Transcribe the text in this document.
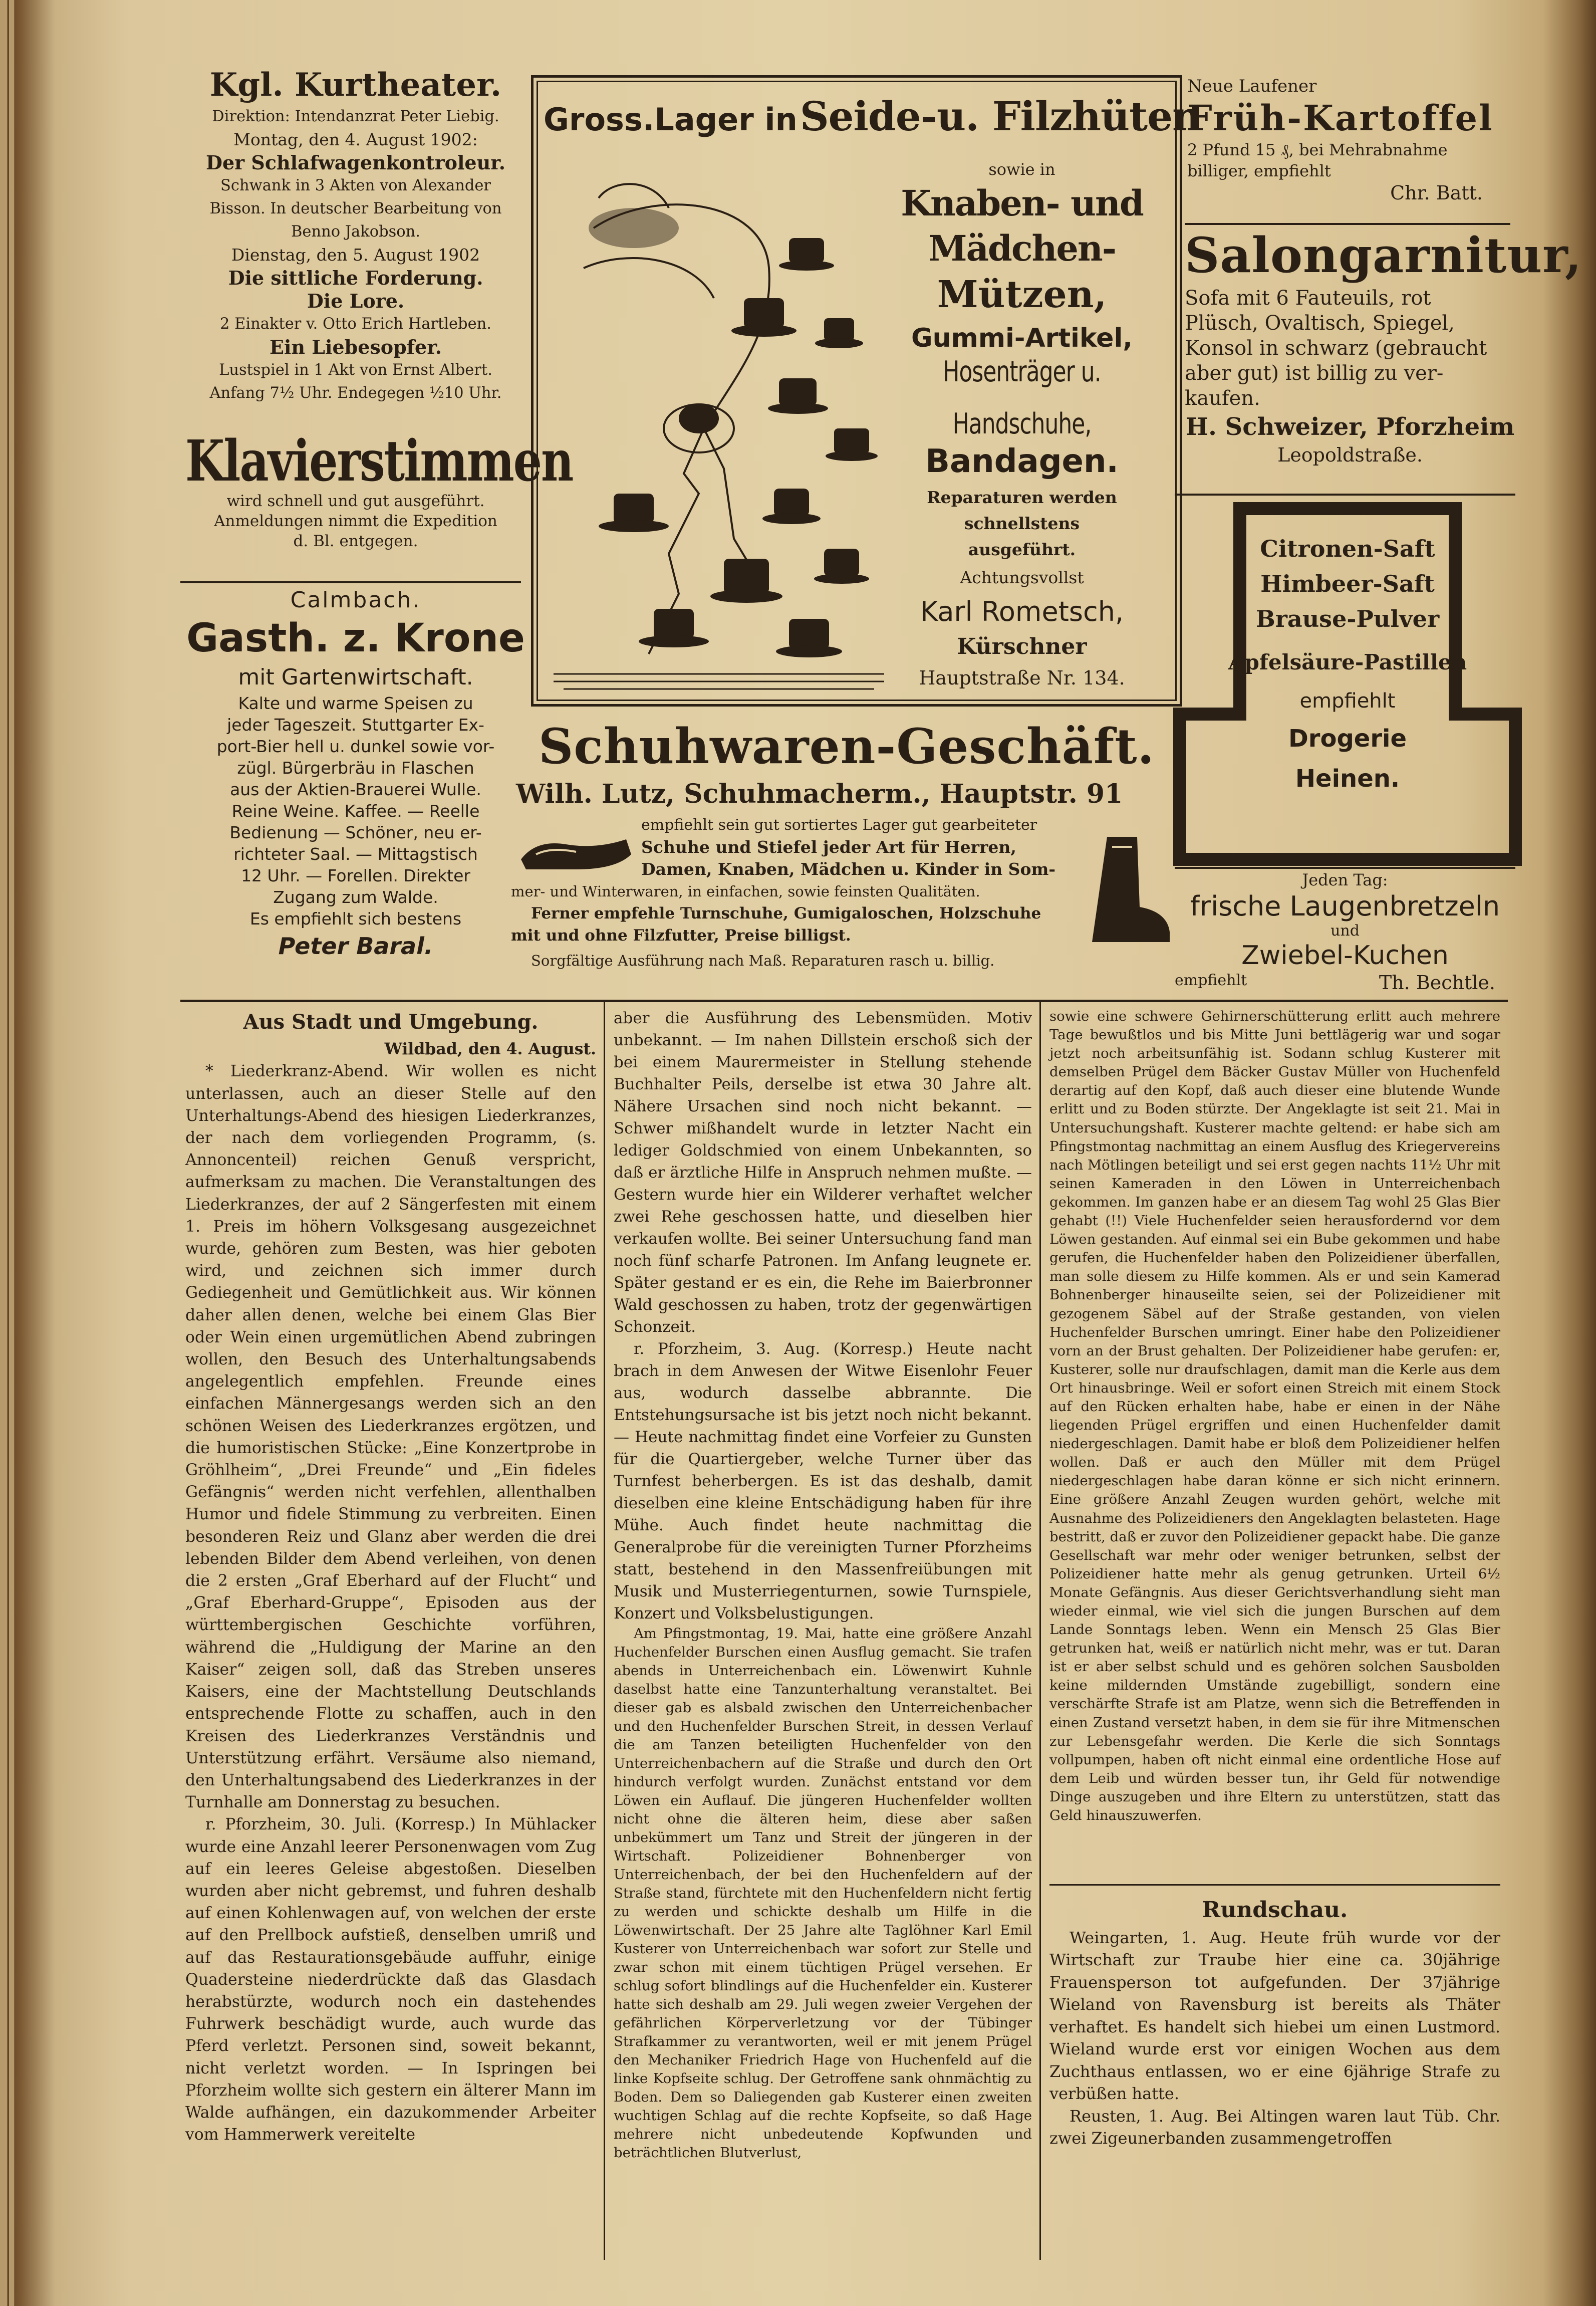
Kgl. Kurtheater.
Direktion: Intendanzrat Peter Liebig.
Montag, den 4. August 1902:
Der Schlafwagenkontroleur.
Schwank in 3 Akten von Alexander
Bisson. In deutscher Bearbeitung von
Benno Jakobson.
Dienstag, den 5. August 1902
Die sittliche Forderung.
Die Lore.
2 Einakter v. Otto Erich Hartleben.
Ein Liebesopfer.
Lustspiel in 1 Akt von Ernst Albert.
Anfang 7½ Uhr. Endegegen ½10 Uhr.
Klavierstimmen
wird schnell und gut ausgeführt.
Anmeldungen nimmt die Expedition
d. Bl. entgegen.
Calmbach.
Gasth. z. Krone
mit Gartenwirtschaft.
Kalte und warme Speisen zu
jeder Tageszeit. Stuttgarter Ex-
port-Bier hell u. dunkel sowie vor-
zügl. Bürgerbräu in Flaschen
aus der Aktien-Brauerei Wulle.
Reine Weine. Kaffee. — Reelle
Bedienung — Schöner, neu er-
richteter Saal. — Mittagstisch
12 Uhr. — Forellen. Direkter
Zugang zum Walde.
Es empfiehlt sich bestens
Peter Baral.
Gross.Lager in Seide-u. Filzhüten
sowie in
Knaben- und Mädchen-
Mützen,
Gummi-Artikel,
Hosenträger u. Handschuhe,
Bandagen.
Reparaturen werden schnellstens
ausgeführt.
Achtungsvollst
Karl Rometsch,
Kürschner
Hauptstraße Nr. 134.
Schuhwaren-Geschäft.
Wilh. Lutz, Schuhmacherm., Hauptstr. 91
empfiehlt sein gut sortiertes Lager gut gearbeiteter
Schuhe und Stiefel jeder Art für Herren,
Damen, Knaben, Mädchen u. Kinder in Som-
mer- und Winterwaren, in einfachen, sowie feinsten Qualitäten.
Ferner empfehle Turnschuhe, Gumigaloschen, Holzschuhe
mit und ohne Filzfutter, Preise billigst.
Sorgfältige Ausführung nach Maß. Reparaturen rasch u. billig.
Neue Laufener
Früh-Kartoffel
2 Pfund 15 ₰, bei Mehrabnahme
billiger, empfiehlt
Chr. Batt.
Salongarnitur,
Sofa mit 6 Fauteuils, rot
Plüsch, Ovaltisch, Spiegel,
Konsol in schwarz (gebraucht
aber gut) ist billig zu ver-
kaufen.
H. Schweizer, Pforzheim
Leopoldstraße.
Citronen-Saft
Himbeer-Saft
Brause-Pulver
Apfelsäure-Pastillen
empfiehlt
Drogerie
Heinen.
Jeden Tag:
frische Laugenbretzeln
und
Zwiebel-Kuchen
empfiehlt	Th. Bechtle.

Aus Stadt und Umgebung.

Wildbad, den 4. August.

* Liederkranz-Abend. Wir wollen es nicht unterlassen, auch an dieser Stelle auf den Unterhaltungs-Abend des hiesigen Liederkranzes, der nach dem vorliegenden Programm, (s. Annoncenteil) reichen Genuß verspricht, aufmerksam zu machen. Die Veranstaltungen des Liederkranzes, der auf 2 Sängerfesten mit einem 1. Preis im höhern Volksgesang ausgezeichnet wurde, gehören zum Besten, was hier geboten wird, und zeichnen sich immer durch Gediegenheit und Gemütlichkeit aus. Wir können daher allen denen, welche bei einem Glas Bier oder Wein einen urgemütlichen Abend zubringen wollen, den Besuch des Unterhaltungsabends angelegentlich empfehlen. Freunde eines einfachen Männergesangs werden sich an den schönen Weisen des Liederkranzes ergötzen, und die humoristischen Stücke: „Eine Konzertprobe in Gröhlheim“, „Drei Freunde“ und „Ein fideles Gefängnis“ werden nicht verfehlen, allenthalben Humor und fidele Stimmung zu verbreiten. Einen besonderen Reiz und Glanz aber werden die drei lebenden Bilder dem Abend verleihen, von denen die 2 ersten „Graf Eberhard auf der Flucht“ und „Graf Eberhard-Gruppe“, Episoden aus der württembergischen Geschichte vorführen, während die „Huldigung der Marine an den Kaiser“ zeigen soll, daß das Streben unseres Kaisers, eine der Machtstellung Deutschlands entsprechende Flotte zu schaffen, auch in den Kreisen des Liederkranzes Verständnis und Unterstützung erfährt. Versäume also niemand, den Unterhaltungsabend des Liederkranzes in der Turnhalle am Donnerstag zu besuchen.

r. Pforzheim, 30. Juli. (Korresp.) In Mühlacker wurde eine Anzahl leerer Personenwagen vom Zug auf ein leeres Geleise abgestoßen. Dieselben wurden aber nicht gebremst, und fuhren deshalb auf einen Kohlenwagen auf, von welchen der erste auf den Prellbock aufstieß, denselben umriß und auf das Restaurationsgebäude auffuhr, einige Quadersteine niederdrückte daß das Glasdach herabstürzte, wodurch noch ein dastehendes Fuhrwerk beschädigt wurde, auch wurde das Pferd verletzt. Personen sind, soweit bekannt, nicht verletzt worden. — In Ispringen bei Pforzheim wollte sich gestern ein älterer Mann im Walde aufhängen, ein dazukommender Arbeiter vom Hammerwerk vereitelte

aber die Ausführung des Lebensmüden. Motiv unbekannt. — Im nahen Dillstein erschoß sich der bei einem Maurermeister in Stellung stehende Buchhalter Peils, derselbe ist etwa 30 Jahre alt. Nähere Ursachen sind noch nicht bekannt. — Schwer mißhandelt wurde in letzter Nacht ein lediger Goldschmied von einem Unbekannten, so daß er ärztliche Hilfe in Anspruch nehmen mußte. — Gestern wurde hier ein Wilderer verhaftet welcher zwei Rehe geschossen hatte, und dieselben hier verkaufen wollte. Bei seiner Untersuchung fand man noch fünf scharfe Patronen. Im Anfang leugnete er. Später gestand er es ein, die Rehe im Baierbronner Wald geschossen zu haben, trotz der gegenwärtigen Schonzeit.

r. Pforzheim, 3. Aug. (Korresp.) Heute nacht brach in dem Anwesen der Witwe Eisenlohr Feuer aus, wodurch dasselbe abbrannte. Die Entstehungsursache ist bis jetzt noch nicht bekannt. — Heute nachmittag findet eine Vorfeier zu Gunsten für die Quartiergeber, welche Turner über das Turnfest beherbergen. Es ist das deshalb, damit dieselben eine kleine Entschädigung haben für ihre Mühe. Auch findet heute nachmittag die Generalprobe für die vereinigten Turner Pforzheims statt, bestehend in den Massenfreiübungen mit Musik und Musterriegenturnen, sowie Turnspiele, Konzert und Volksbelustigungen.

Am Pfingstmontag, 19. Mai, hatte eine größere Anzahl Huchenfelder Burschen einen Ausflug gemacht. Sie trafen abends in Unterreichenbach ein. Löwenwirt Kuhnle daselbst hatte eine Tanzunterhaltung veranstaltet. Bei dieser gab es alsbald zwischen den Unterreichenbacher und den Huchenfelder Burschen Streit, in dessen Verlauf die am Tanzen beteiligten Huchenfelder von den Unterreichenbachern auf die Straße und durch den Ort hindurch verfolgt wurden. Zunächst entstand vor dem Löwen ein Auflauf. Die jüngeren Huchenfelder wollten nicht ohne die älteren heim, diese aber saßen unbekümmert um Tanz und Streit der jüngeren in der Wirtschaft. Polizeidiener Bohnenberger von Unterreichenbach, der bei den Huchenfeldern auf der Straße stand, fürchtete mit den Huchenfeldern nicht fertig zu werden und schickte deshalb um Hilfe in die Löwenwirtschaft. Der 25 Jahre alte Taglöhner Karl Emil Kusterer von Unterreichenbach war sofort zur Stelle und zwar schon mit einem tüchtigen Prügel versehen. Er schlug sofort blindlings auf die Huchenfelder ein. Kusterer hatte sich deshalb am 29. Juli wegen zweier Vergehen der gefährlichen Körperverletzung vor der Tübinger Strafkammer zu verantworten, weil er mit jenem Prügel den Mechaniker Friedrich Hage von Huchenfeld auf die linke Kopfseite schlug. Der Getroffene sank ohnmächtig zu Boden. Dem so Daliegenden gab Kusterer einen zweiten wuchtigen Schlag auf die rechte Kopfseite, so daß Hage mehrere nicht unbedeutende Kopfwunden und beträchtlichen Blutverlust,

sowie eine schwere Gehirnerschütterung erlitt auch mehrere Tage bewußtlos und bis Mitte Juni bettlägerig war und sogar jetzt noch arbeitsunfähig ist. Sodann schlug Kusterer mit demselben Prügel dem Bäcker Gustav Müller von Huchenfeld derartig auf den Kopf, daß auch dieser eine blutende Wunde erlitt und zu Boden stürzte. Der Angeklagte ist seit 21. Mai in Untersuchungshaft. Kusterer machte geltend: er habe sich am Pfingstmontag nachmittag an einem Ausflug des Kriegervereins nach Mötlingen beteiligt und sei erst gegen nachts 11½ Uhr mit seinen Kameraden in den Löwen in Unterreichenbach gekommen. Im ganzen habe er an diesem Tag wohl 25 Glas Bier gehabt (!!) Viele Huchenfelder seien herausfordernd vor dem Löwen gestanden. Auf einmal sei ein Bube gekommen und habe gerufen, die Huchenfelder haben den Polizeidiener überfallen, man solle diesem zu Hilfe kommen. Als er und sein Kamerad Bohnenberger hinauseilte seien, sei der Polizeidiener mit gezogenem Säbel auf der Straße gestanden, von vielen Huchenfelder Burschen umringt. Einer habe den Polizeidiener vorn an der Brust gehalten. Der Polizeidiener habe gerufen: er, Kusterer, solle nur draufschlagen, damit man die Kerle aus dem Ort hinausbringe. Weil er sofort einen Streich mit einem Stock auf den Rücken erhalten habe, habe er einen in der Nähe liegenden Prügel ergriffen und einen Huchenfelder damit niedergeschlagen. Damit habe er bloß dem Polizeidiener helfen wollen. Daß er auch den Müller mit dem Prügel niedergeschlagen habe daran könne er sich nicht erinnern. Eine größere Anzahl Zeugen wurden gehört, welche mit Ausnahme des Polizeidieners den Angeklagten belasteten. Hage bestritt, daß er zuvor den Polizeidiener gepackt habe. Die ganze Gesellschaft war mehr oder weniger betrunken, selbst der Polizeidiener hatte mehr als genug getrunken. Urteil 6½ Monate Gefängnis. Aus dieser Gerichtsverhandlung sieht man wieder einmal, wie viel sich die jungen Burschen auf dem Lande Sonntags leben. Wenn ein Mensch 25 Glas Bier getrunken hat, weiß er natürlich nicht mehr, was er tut. Daran ist er aber selbst schuld und es gehören solchen Sausbolden keine mildernden Umstände zugebilligt, sondern eine verschärfte Strafe ist am Platze, wenn sich die Betreffenden in einen Zustand versetzt haben, in dem sie für ihre Mitmenschen zur Lebensgefahr werden. Die Kerle die sich Sonntags vollpumpen, haben oft nicht einmal eine ordentliche Hose auf dem Leib und würden besser tun, ihr Geld für notwendige Dinge auszugeben und ihre Eltern zu unterstützen, statt das Geld hinauszuwerfen.

Rundschau.

Weingarten, 1. Aug. Heute früh wurde vor der Wirtschaft zur Traube hier eine ca. 30jährige Frauensperson tot aufgefunden. Der 37jährige Wieland von Ravensburg ist bereits als Thäter verhaftet. Es handelt sich hiebei um einen Lustmord. Wieland wurde erst vor einigen Wochen aus dem Zuchthaus entlassen, wo er eine 6jährige Strafe zu verbüßen hatte.

Reusten, 1. Aug. Bei Altingen waren laut Tüb. Chr. zwei Zigeunerbanden zusammengetroffen
